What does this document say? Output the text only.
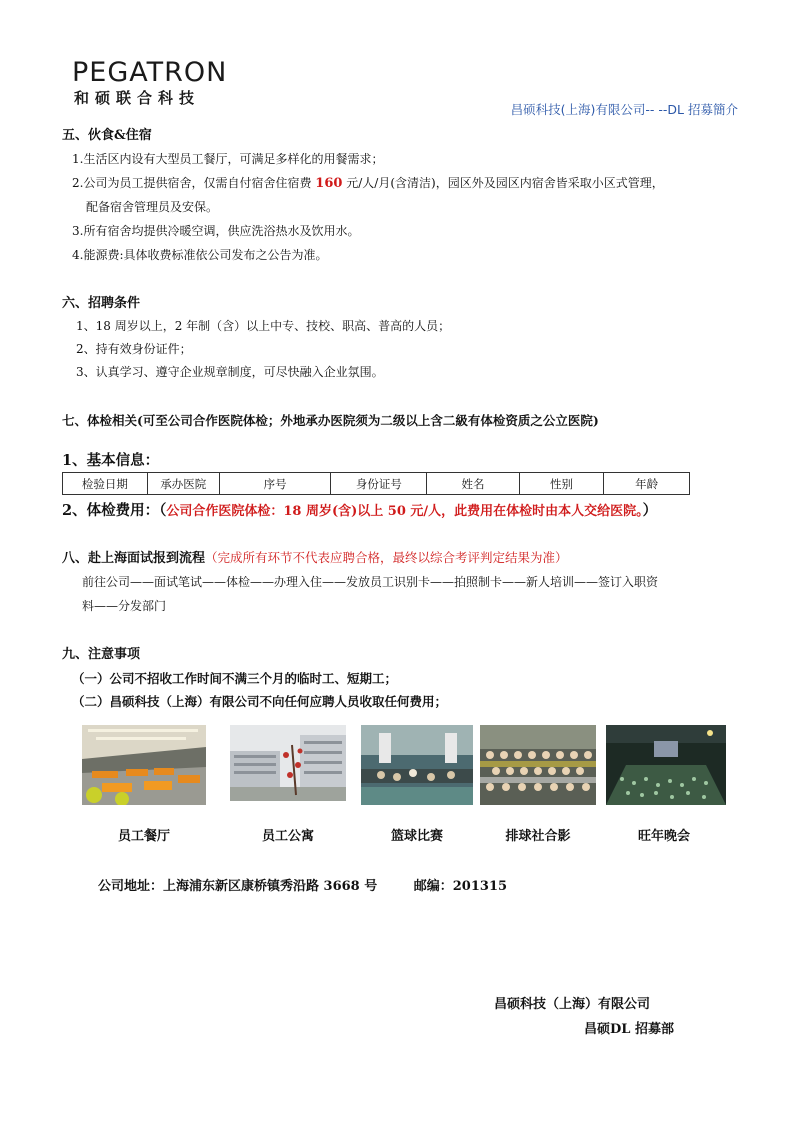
PEGATRON
和硕联合科技
昌硕科技(上海)有限公司-- --DL 招募簡介
五、伙食&住宿
1.生活区内设有大型员工餐厅，可满足多样化的用餐需求；
2.公司为员工提供宿舍，仅需自付宿舍住宿费 160 元/人/月(含清洁)，园区外及园区内宿舍皆采取小区式管理，
配备宿舍管理员及安保。
3.所有宿舍均提供冷暖空调，供应洗浴热水及饮用水。
4.能源费:具体收费标准依公司发布之公告为准。
六、招聘条件
1、18 周岁以上，2 年制（含）以上中专、技校、职高、普高的人员；
2、持有效身份证件；
3、认真学习、遵守企业规章制度，可尽快融入企业氛围。
七、体检相关(可至公司合作医院体检；外地承办医院须为二级以上含二級有体检资质之公立医院)
1、基本信息：
检验日期	承办医院	序号	身份证号	姓名	性别	年龄
2、体检费用：（公司合作医院体检：18 周岁(含)以上 50 元/人，此费用在体检时由本人交给医院。）
八、赴上海面试报到流程（完成所有环节不代表应聘合格，最终以综合考评判定结果为准）
前往公司——面试笔试——体检——办理入住——发放员工识别卡——拍照制卡——新人培训——签订入职资
料——分发部门
九、注意事项
（一）公司不招收工作时间不满三个月的临时工、短期工；
（二）昌硕科技（上海）有限公司不向任何应聘人员收取任何费用；
员工餐厅	员工公寓	篮球比赛	排球社合影	旺年晚会
公司地址：上海浦东新区康桥镇秀沿路 3668 号	邮编：201315
昌硕科技（上海）有限公司
昌硕DL 招募部
